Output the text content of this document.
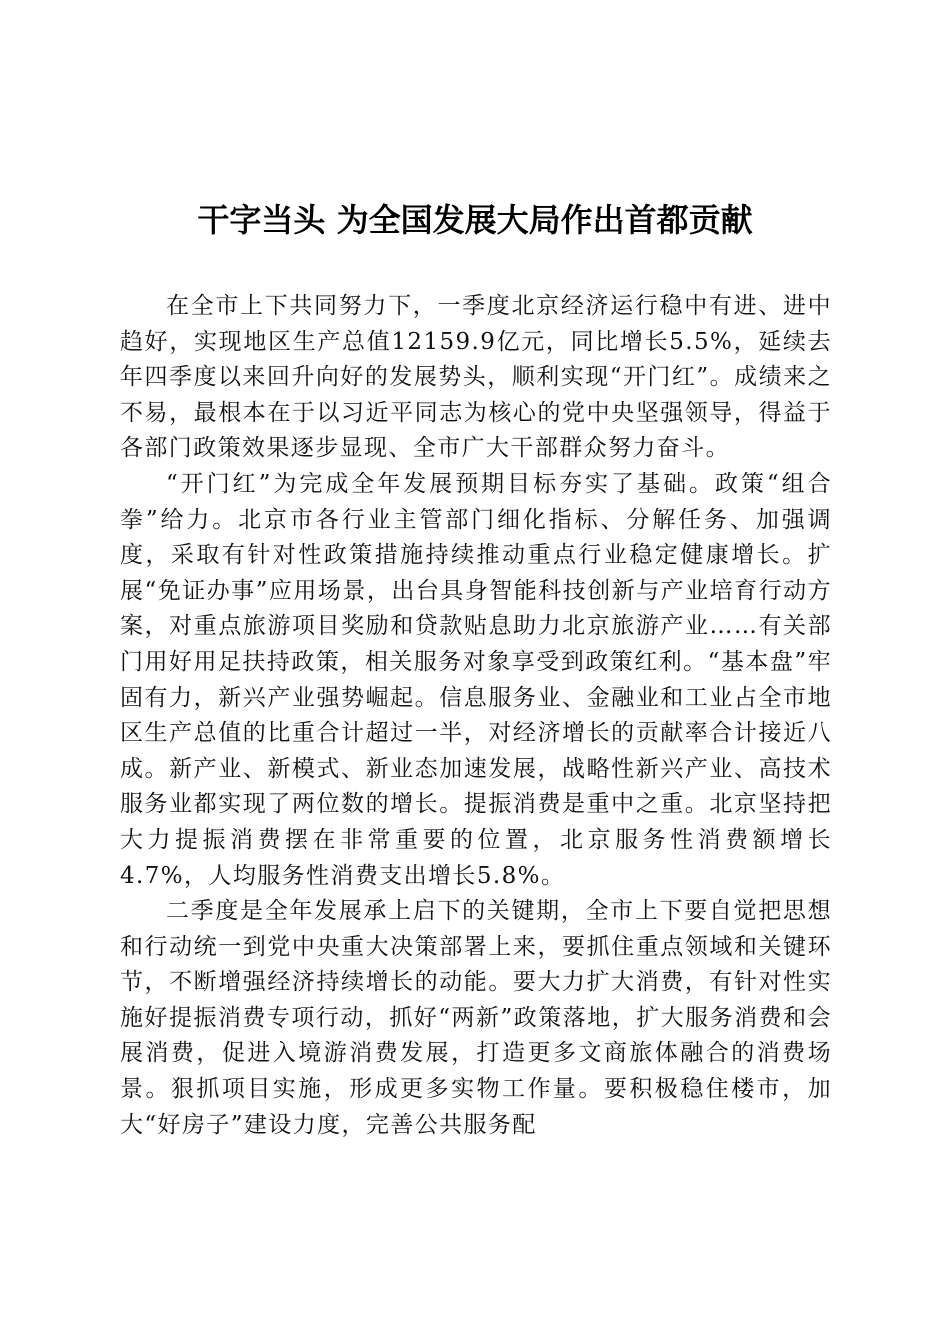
干字当头 为全国发展大局作出首都贡献

在全市上下共同努力下，一季度北京经济运行稳中有进、进中趋好，实现地区生产总值12159.9亿元，同比增长5.5%，延续去年四季度以来回升向好的发展势头，顺利实现“开门红”。成绩来之不易，最根本在于以习近平同志为核心的党中央坚强领导，得益于各部门政策效果逐步显现、全市广大干部群众努力奋斗。

“开门红”为完成全年发展预期目标夯实了基础。政策“组合拳”给力。北京市各行业主管部门细化指标、分解任务、加强调度，采取有针对性政策措施持续推动重点行业稳定健康增长。扩展“免证办事”应用场景，出台具身智能科技创新与产业培育行动方案，对重点旅游项目奖励和贷款贴息助力北京旅游产业……有关部门用好用足扶持政策，相关服务对象享受到政策红利。“基本盘”牢固有力，新兴产业强势崛起。信息服务业、金融业和工业占全市地区生产总值的比重合计超过一半，对经济增长的贡献率合计接近八成。新产业、新模式、新业态加速发展，战略性新兴产业、高技术服务业都实现了两位数的增长。提振消费是重中之重。北京坚持把大力提振消费摆在非常重要的位置，北京服务性消费额增长4.7%，人均服务性消费支出增长5.8%。

二季度是全年发展承上启下的关键期，全市上下要自觉把思想和行动统一到党中央重大决策部署上来，要抓住重点领域和关键环节，不断增强经济持续增长的动能。要大力扩大消费，有针对性实施好提振消费专项行动，抓好“两新”政策落地，扩大服务消费和会展消费，促进入境游消费发展，打造更多文商旅体融合的消费场景。狠抓项目实施，形成更多实物工作量。要积极稳住楼市，加大“好房子”建设力度，完善公共服务配
